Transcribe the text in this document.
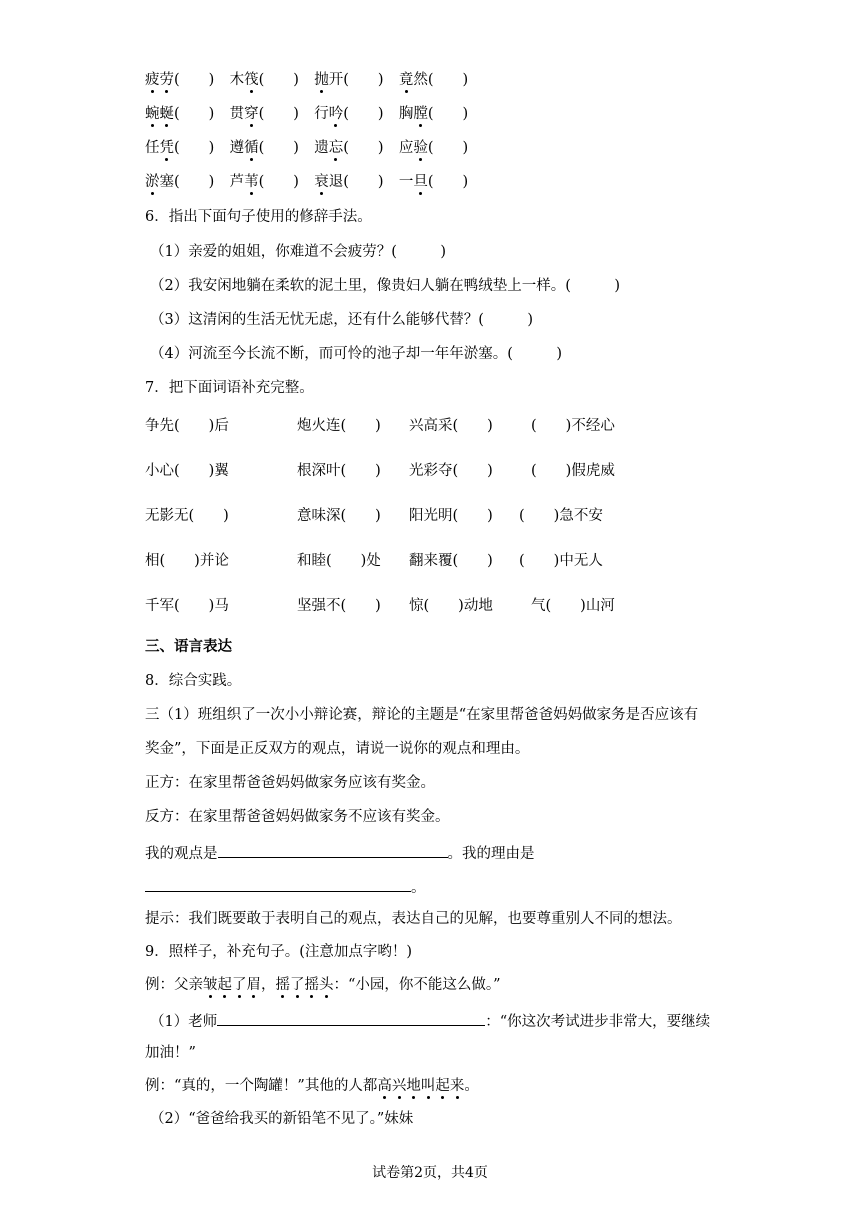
疲劳(　　) 木筏(　　) 抛开(　　) 竟然(　　)
蜿蜒(　　) 贯穿(　　) 行吟(　　) 胸膛(　　)
任凭(　　) 遵循(　　) 遗忘(　　) 应验(　　)
淤塞(　　) 芦苇(　　) 衰退(　　) 一旦(　　)
6．指出下面句子使用的修辞手法。
（1）亲爱的姐姐，你难道不会疲劳？(　　　)
（2）我安闲地躺在柔软的泥土里，像贵妇人躺在鸭绒垫上一样。(　　　)
（3）这清闲的生活无忧无虑，还有什么能够代替？(　　　)
（4）河流至今长流不断，而可怜的池子却一年年淤塞。(　　　)
7．把下面词语补充完整。
争先(　　)后	炮火连(　　) 兴高采(　　)	(　　)不经心
小心(　　)翼	根深叶(　　) 光彩夺(　　)	(　　)假虎威
无影无(　　)	意味深(　　) 阳光明(　　) (　　)急不安
相(　　)并论	和睦(　　)处 翻来覆(　　) (　　)中无人
千军(　　)马	坚强不(　　) 惊(　　)动地	气(　　)山河
三、语言表达
8．综合实践。
三（1）班组织了一次小小辩论赛，辩论的主题是“在家里帮爸爸妈妈做家务是否应该有
奖金”，下面是正反双方的观点，请说一说你的观点和理由。
正方：在家里帮爸爸妈妈做家务应该有奖金。
反方：在家里帮爸爸妈妈做家务不应该有奖金。
我的观点是	。我的理由是
。
提示：我们既要敢于表明自己的观点，表达自己的见解，也要尊重别人不同的想法。
9．照样子，补充句子。(注意加点字哟！)
例：父亲皱起了眉，摇了摇头：“小园，你不能这么做。”
（1）老师	：“你这次考试进步非常大，要继续
加油！”
例：“真的，一个陶罐！”其他的人都高兴地叫起来。
（2）“爸爸给我买的新铅笔不见了。”妹妹
试卷第2页，共4页
